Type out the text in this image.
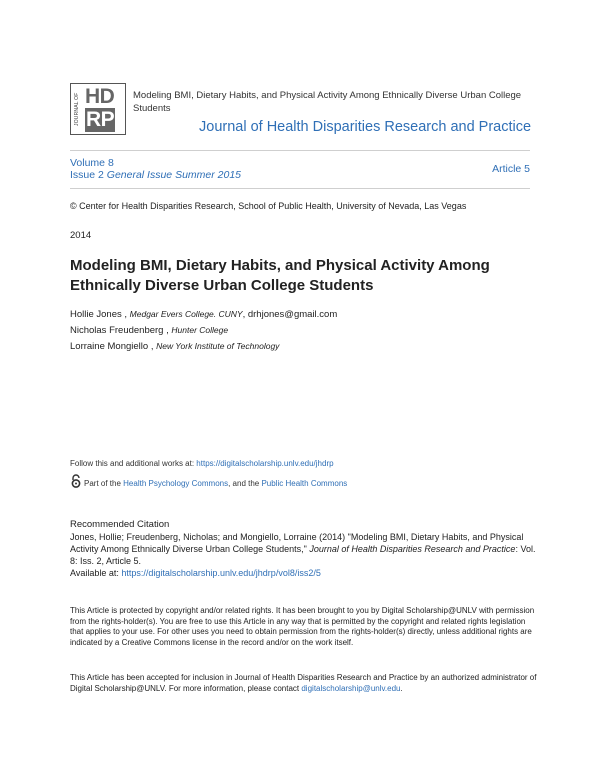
JOURNAL OF HD
RP
Modeling BMI, Dietary Habits, and Physical Activity Among Ethnically Diverse Urban College Students
Journal of Health Disparities Research and Practice
Volume 8
Issue 2 General Issue Summer 2015	Article 5
© Center for Health Disparities Research, School of Public Health, University of Nevada, Las Vegas
2014
Modeling BMI, Dietary Habits, and Physical Activity Among Ethnically Diverse Urban College Students
Hollie Jones , Medgar Evers College. CUNY, drhjones@gmail.com
Nicholas Freudenberg , Hunter College
Lorraine Mongiello , New York Institute of Technology
Follow this and additional works at: https://digitalscholarship.unlv.edu/jhdrp
Part of the Health Psychology Commons, and the Public Health Commons
Recommended Citation
Jones, Hollie; Freudenberg, Nicholas; and Mongiello, Lorraine (2014) "Modeling BMI, Dietary Habits, and Physical Activity Among Ethnically Diverse Urban College Students," Journal of Health Disparities Research and Practice: Vol. 8: Iss. 2, Article 5.
Available at: https://digitalscholarship.unlv.edu/jhdrp/vol8/iss2/5
This Article is protected by copyright and/or related rights. It has been brought to you by Digital Scholarship@UNLV with permission from the rights-holder(s). You are free to use this Article in any way that is permitted by the copyright and related rights legislation that applies to your use. For other uses you need to obtain permission from the rights-holder(s) directly, unless additional rights are indicated by a Creative Commons license in the record and/or on the work itself.
This Article has been accepted for inclusion in Journal of Health Disparities Research and Practice by an authorized administrator of Digital Scholarship@UNLV. For more information, please contact digitalscholarship@unlv.edu.
